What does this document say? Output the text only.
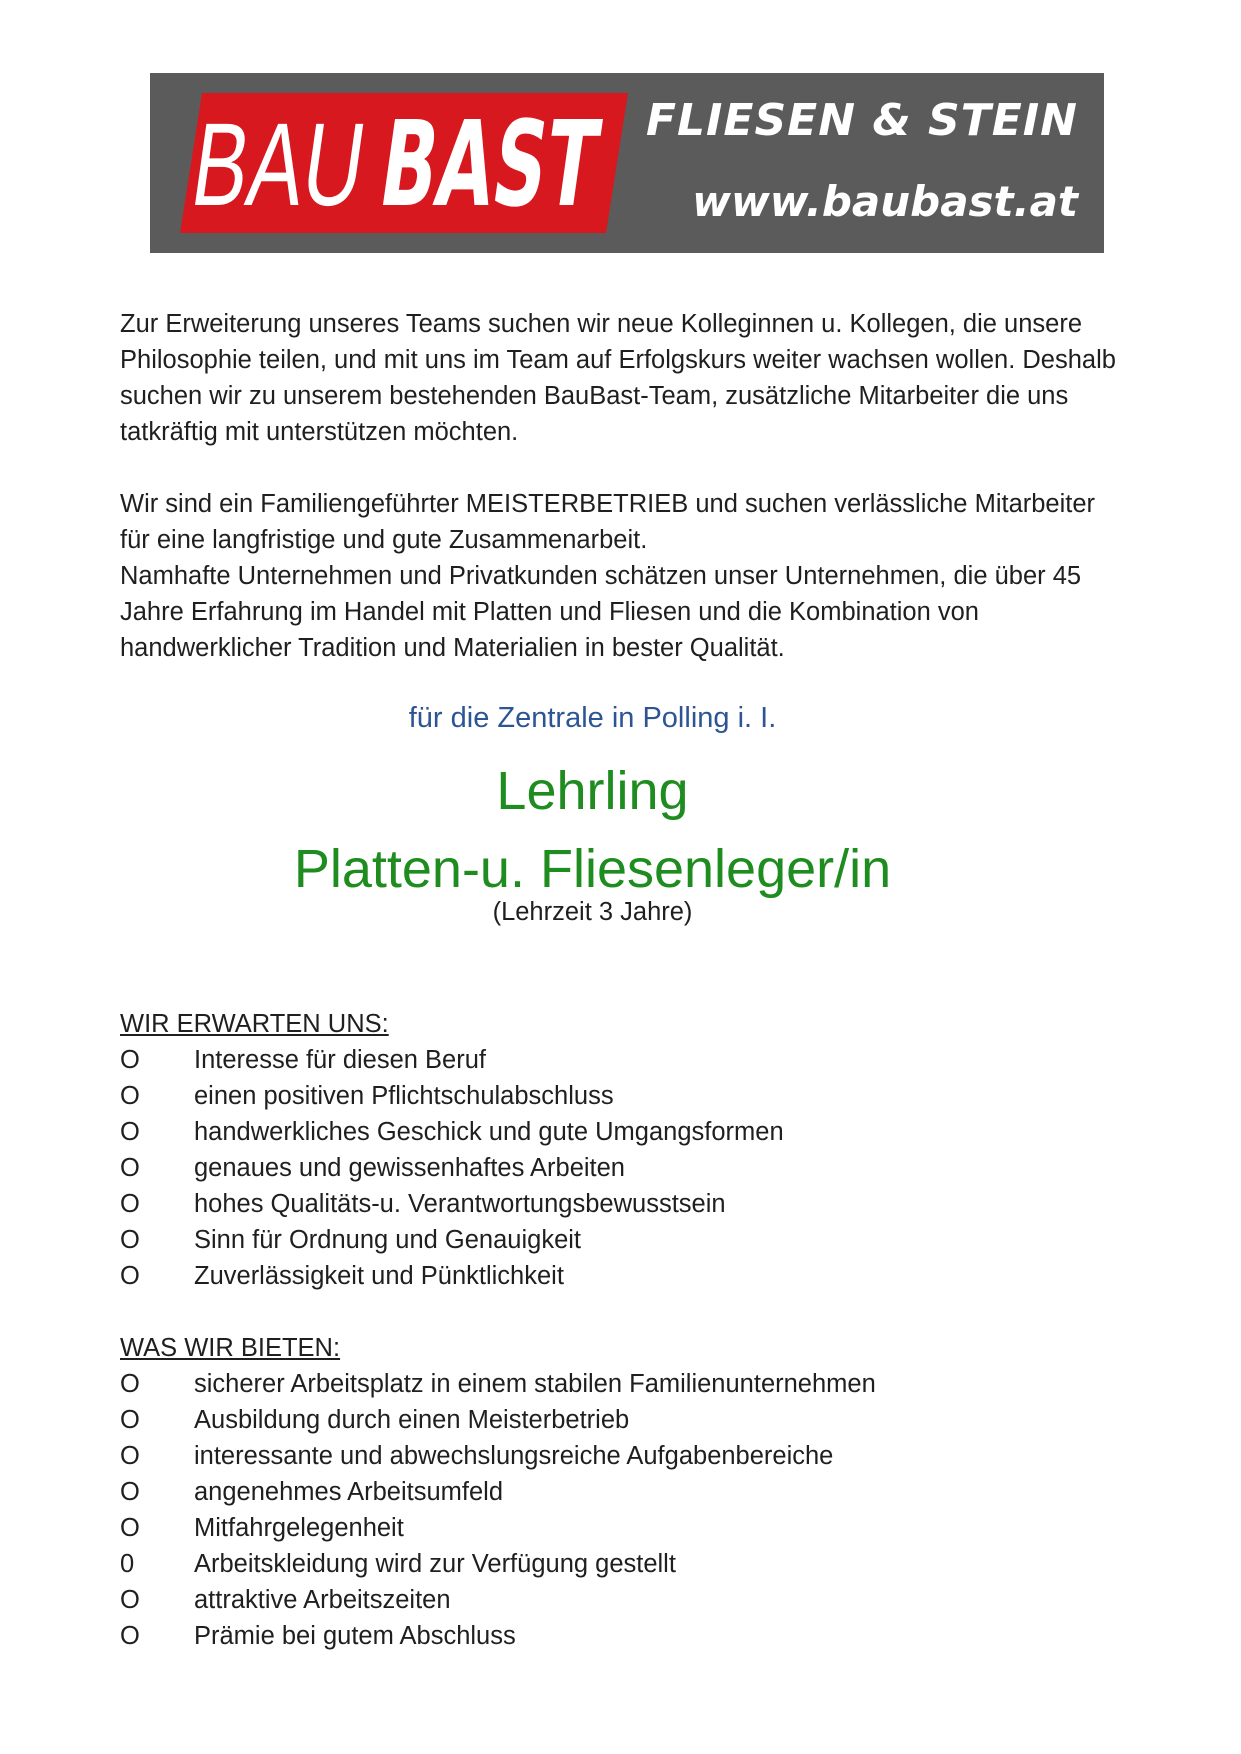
BAU
BAST
FLIESEN & STEIN
www.baubast.at

Zur Erweiterung unseres Teams suchen wir neue Kolleginnen u. Kollegen, die unsere Philosophie teilen, und mit uns im Team auf Erfolgskurs weiter wachsen wollen. Deshalb suchen wir zu unserem bestehenden BauBast-Team, zusätzliche Mitarbeiter die uns tatkräftig mit unterstützen möchten.

Wir sind ein Familiengeführter MEISTERBETRIEB und suchen verlässliche Mitarbeiter für eine langfristige und gute Zusammenarbeit.

Namhafte Unternehmen und Privatkunden schätzen unser Unternehmen, die über 45 Jahre Erfahrung im Handel mit Platten und Fliesen und die Kombination von handwerklicher Tradition und Materialien in bester Qualität.

für die Zentrale in Polling i. I.
Lehrling
Platten-u. Fliesenleger/in
(Lehrzeit 3 Jahre)
WIR ERWARTEN UNS:
O	Interesse für diesen Beruf
O	einen positiven Pflichtschulabschluss
O	handwerkliches Geschick und gute Umgangsformen
O	genaues und gewissenhaftes Arbeiten
O	hohes Qualitäts-u. Verantwortungsbewusstsein
O	Sinn für Ordnung und Genauigkeit
O	Zuverlässigkeit und Pünktlichkeit
WAS WIR BIETEN:
O	sicherer Arbeitsplatz in einem stabilen Familienunternehmen
O	Ausbildung durch einen Meisterbetrieb
O	interessante und abwechslungsreiche Aufgabenbereiche
O	angenehmes Arbeitsumfeld
O	Mitfahrgelegenheit
0	Arbeitskleidung wird zur Verfügung gestellt
O	attraktive Arbeitszeiten
O	Prämie bei gutem Abschluss
